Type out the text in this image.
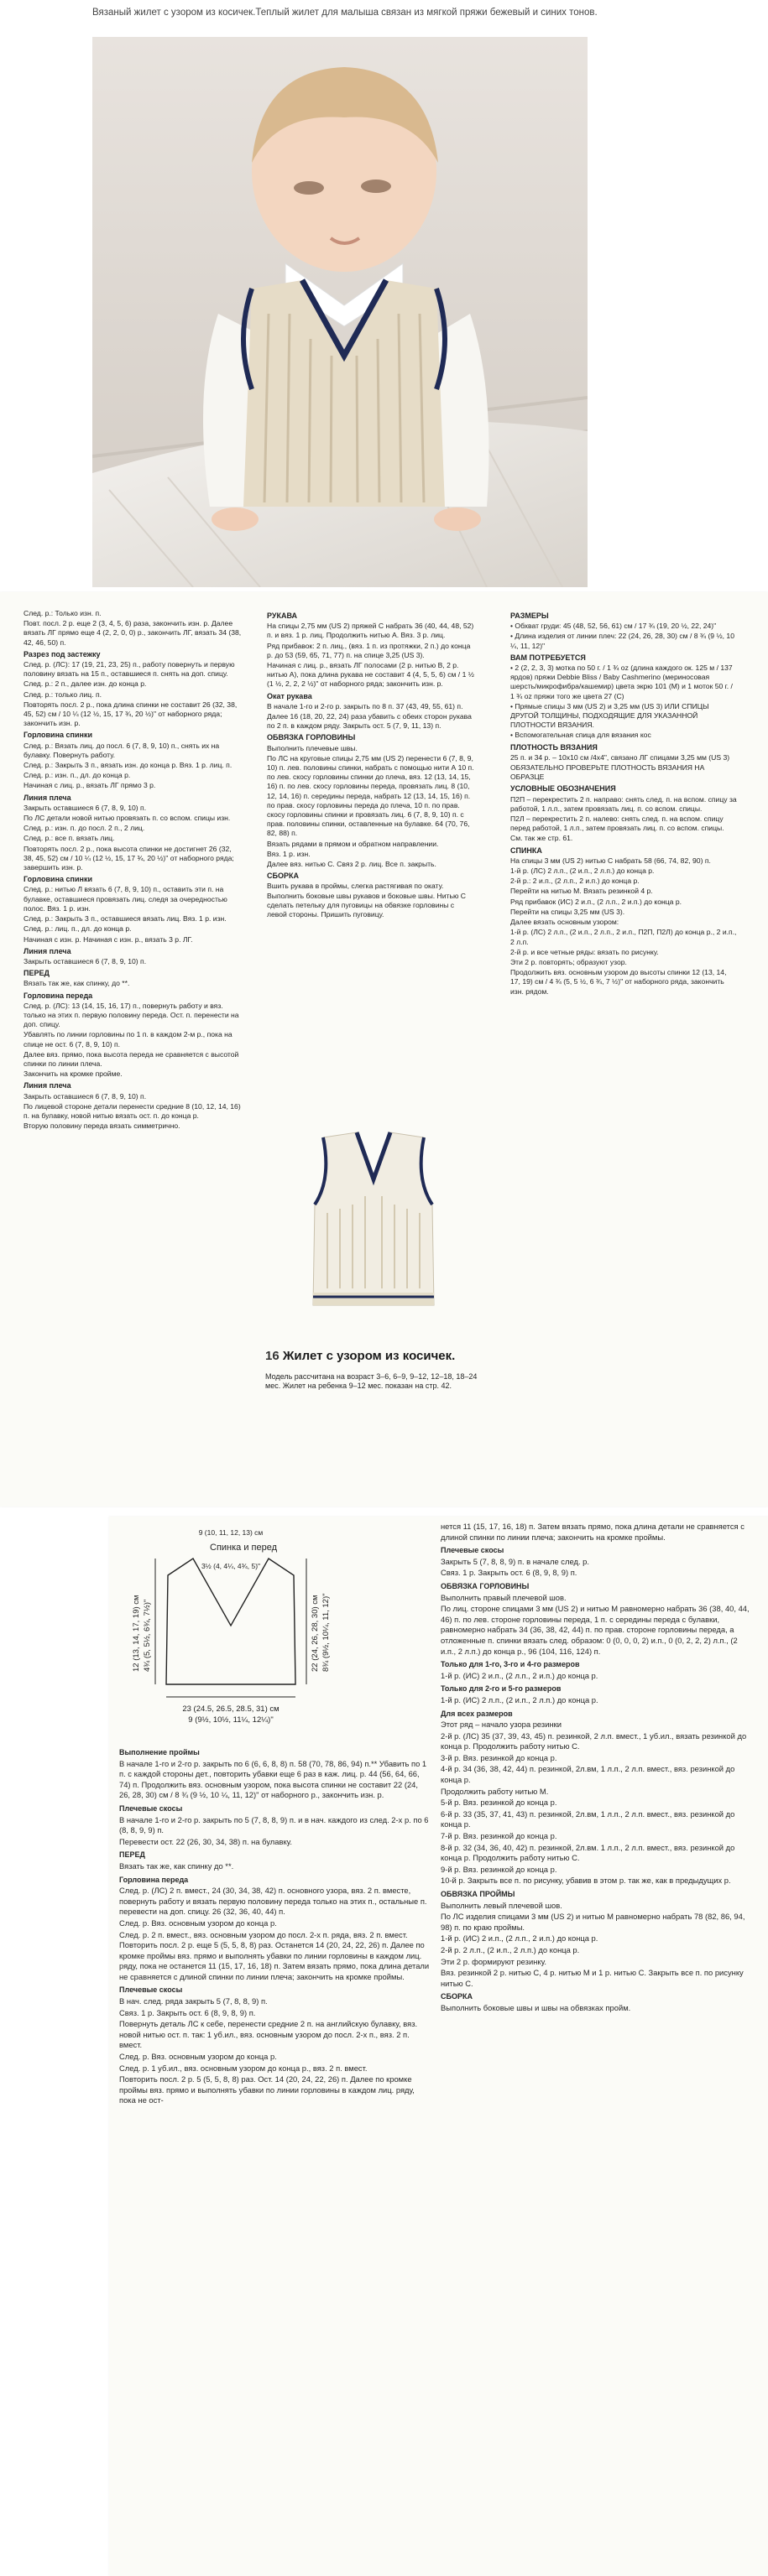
Вязаный жилет с узором из косичек.Теплый жилет для малыша связан из мягкой пряжи бежевый и синих тонов.

След. р.: Только изн. п.

Повт. посл. 2 р. еще 2 (3, 4, 5, 6) раза, закончить изн. р. Далее вязать ЛГ прямо еще 4 (2, 2, 0, 0) р., закончить ЛГ, вязать 34 (38, 42, 46, 50) п.

Разрез под застежку

След. р. (ЛС): 17 (19, 21, 23, 25) п., работу повернуть и первую половину вязать на 15 п., оставшиеся п. снять на доп. спицу.

След. р.: 2 п., далее изн. до конца р.

След. р.: только лиц. п.

Повторять посл. 2 р., пока длина спинки не составит 26 (32, 38, 45, 52) см / 10 ¼ (12 ½, 15, 17 ¾, 20 ½)" от наборного ряда; закончить изн. р.

Горловина спинки

След. р.: Вязать лиц. до посл. 6 (7, 8, 9, 10) п., снять их на булавку. Повернуть работу.

След. р.: Закрыть 3 п., вязать изн. до конца р. Вяз. 1 р. лиц. п.

След. р.: изн. п., дл. до конца р.

Начиная с лиц. р., вязать ЛГ прямо 3 р.

Линия плеча

Закрыть оставшиеся 6 (7, 8, 9, 10) п.

По ЛС детали новой нитью провязать п. со вспом. спицы изн.

След. р.: изн. п. до посл. 2 п., 2 лиц.

След. р.: все п. вязать лиц.

Повторять посл. 2 р., пока высота спинки не достигнет 26 (32, 38, 45, 52) см / 10 ¼ (12 ½, 15, 17 ¾, 20 ½)" от наборного ряда; завершить изн. р.

Горловина спинки

След. р.: нитью Л вязать 6 (7, 8, 9, 10) п., оставить эти п. на булавке, оставшиеся провязать лиц. следя за очередностью полос. Вяз. 1 р. изн.

След. р.: Закрыть 3 п., оставшиеся вязать лиц. Вяз. 1 р. изн.

След. р.: лиц. п., дл. до конца р.

Начиная с изн. р. Начиная с изн. р., вязать 3 р. ЛГ.

Линия плеча

Закрыть оставшиеся 6 (7, 8, 9, 10) п.

ПЕРЕД

Вязать так же, как спинку, до **.

Горловина переда

След. р. (ЛС): 13 (14, 15, 16, 17) п., повернуть работу и вяз. только на этих п. первую половину переда. Ост. п. перенести на доп. спицу.

Убавлять по линии горловины по 1 п. в каждом 2-м р., пока на спице не ост. 6 (7, 8, 9, 10) п.

Далее вяз. прямо, пока высота переда не сравняется с высотой спинки по линии плеча.

Закончить на кромке пройме.

Линия плеча

Закрыть оставшиеся 6 (7, 8, 9, 10) п.

По лицевой стороне детали перенести средние 8 (10, 12, 14, 16) п. на булавку, новой нитью вязать ост. п. до конца р.

Вторую половину переда вязать симметрично.

РУКАВА

На спицы 2,75 мм (US 2) пряжей С набрать 36 (40, 44, 48, 52) п. и вяз. 1 р. лиц. Продолжить нитью А. Вяз. 3 р. лиц.

Ряд прибавок: 2 п. лиц., (вяз. 1 п. из протяжки, 2 п.) до конца р. до 53 (59, 65, 71, 77) п. на спице 3,25 (US 3).

Начиная с лиц. р., вязать ЛГ полосами (2 р. нитью В, 2 р. нитью А), пока длина рукава не составит 4 (4, 5, 5, 6) см / 1 ½ (1 ½, 2, 2, 2 ½)" от наборного ряда; закончить изн. р.

Окат рукава

В начале 1-го и 2-го р. закрыть по 8 п. 37 (43, 49, 55, 61) п.

Далее 16 (18, 20, 22, 24) раза убавить с обеих сторон рукава по 2 п. в каждом ряду. Закрыть ост. 5 (7, 9, 11, 13) п.

ОБВЯЗКА ГОРЛОВИНЫ

Выполнить плечевые швы.

По ЛС на круговые спицы 2,75 мм (US 2) перенести 6 (7, 8, 9, 10) п. лев. половины спинки, набрать с помощью нити А 10 п. по лев. скосу горловины спинки до плеча, вяз. 12 (13, 14, 15, 16) п. по лев. скосу горловины переда, провязать лиц. 8 (10, 12, 14, 16) п. середины переда, набрать 12 (13, 14, 15, 16) п. по прав. скосу горловины переда до плеча, 10 п. по прав. скосу горловины спинки и провязать лиц. 6 (7, 8, 9, 10) п. с прав. половины спинки, оставленные на булавке. 64 (70, 76, 82, 88) п.

Вязать рядами в прямом и обратном направлении.

Вяз. 1 р. изн.

Далее вяз. нитью С. Связ 2 р. лиц. Все п. закрыть.

СБОРКА

Вшить рукава в проймы, слегка растягивая по окату. Выполнить боковые швы рукавов и боковые швы. Нитью С сделать петельку для пуговицы на обвязке горловины с левой стороны. Пришить пуговицу.

РАЗМЕРЫ

• Обхват груди: 45 (48, 52, 56, 61) см / 17 ¾ (19, 20 ½, 22, 24)"

• Длина изделия от линии плеч: 22 (24, 26, 28, 30) см / 8 ¾ (9 ½, 10 ¼, 11, 12)"

ВАМ ПОТРЕБУЕТСЯ

• 2 (2, 2, 3, 3) мотка по 50 г. / 1 ¾ oz (длина каждого ок. 125 м / 137 ярдов) пряжи Debbie Bliss / Baby Cashmerino (мериносовая шерсть/микрофибра/кашемир) цвета экрю 101 (М) и 1 моток 50 г. / 1 ¾ oz пряжи того же цвета 27 (С)

• Прямые спицы 3 мм (US 2) и 3,25 мм (US 3) ИЛИ СПИЦЫ ДРУГОЙ ТОЛЩИНЫ, ПОДХОДЯЩИЕ ДЛЯ УКАЗАННОЙ ПЛОТНОСТИ ВЯЗАНИЯ.

• Вспомогательная спица для вязания кос

ПЛОТНОСТЬ ВЯЗАНИЯ

25 п. и 34 р. – 10х10 см /4х4", связано ЛГ спицами 3,25 мм (US 3)

ОБЯЗАТЕЛЬНО ПРОВЕРЬТЕ ПЛОТНОСТЬ ВЯЗАНИЯ НА ОБРАЗЦЕ

УСЛОВНЫЕ ОБОЗНАЧЕНИЯ

П2П – перекрестить 2 п. направо: снять след. п. на вспом. спицу за работой, 1 л.п., затем провязать лиц. п. со вспом. спицы.

П2Л – перекрестить 2 п. налево: снять след. п. на вспом. спицу перед работой, 1 л.п., затем провязать лиц. п. со вспом. спицы.

См. так же стр. 61.

СПИНКА

На спицы 3 мм (US 2) нитью С набрать 58 (66, 74, 82, 90) п.

1-й р. (ЛС) 2 л.п., (2 и.п., 2 л.п.) до конца р.

2-й р.: 2 и.п., (2 л.п., 2 и.п.) до конца р.

Перейти на нитью М. Вязать резинкой 4 р.

Ряд прибавок (ИС) 2 и.п., (2 л.п., 2 и.п.) до конца р.

Перейти на спицы 3,25 мм (US 3).

Далее вязать основным узором:

1-й р. (ЛС) 2 л.п., (2 и.п., 2 л.п., 2 и.п., П2П, П2Л) до конца р., 2 и.п., 2 л.п.

2-й р. и все четные ряды: вязать по рисунку.

Эти 2 р. повторять; образуют узор.

Продолжить вяз. основным узором до высоты спинки 12 (13, 14, 17, 19) см / 4 ¾ (5, 5 ½, 6 ¾, 7 ½)" от наборного ряда, закончить изн. рядом.

16 Жилет с узором из косичек.
Модель рассчитана на возраст 3–6, 6–9, 9–12, 12–18, 18–24 мес. Жилет на ребенка 9–12 мес. показан на стр. 42.
Спинка и перед
23 (24.5, 26.5, 28.5, 31) см
9 (9½, 10½, 11¼, 12¼)"
12 (13, 14, 17, 19) см 4¾ (5, 5½, 6¾, 7½)"	22 (24, 26, 28, 30) см 8¾ (9½, 10¼, 11, 12)"
9 (10, 11, 12, 13) см
3½ (4, 4¼, 4¾, 5)"

Выполнение проймы

В начале 1-го и 2-го р. закрыть по 6 (6, 6, 8, 8) п. 58 (70, 78, 86, 94) п.** Убавить по 1 п. с каждой стороны дет., повторить убавки еще 6 раз в каж. лиц. р. 44 (56, 64, 66, 74) п. Продолжить вяз. основным узором, пока высота спинки не составит 22 (24, 26, 28, 30) см / 8 ¾ (9 ½, 10 ¼, 11, 12)" от наборного р., закончить изн. р.

Плечевые скосы

В начале 1-го и 2-го р. закрыть по 5 (7, 8, 8, 9) п. и в нач. каждого из след. 2-х р. по 6 (8, 8, 9, 9) п.

Перевести ост. 22 (26, 30, 34, 38) п. на булавку.

ПЕРЕД

Вязать так же, как спинку до **.

Горловина переда

След. р. (ЛС) 2 п. вмест., 24 (30, 34, 38, 42) п. основного узора, вяз. 2 п. вместе, повернуть работу и вязать первую половину переда только на этих п., остальные п. перевести на доп. спицу. 26 (32, 36, 40, 44) п.

След. р. Вяз. основным узором до конца р.

След. р. 2 п. вмест., вяз. основным узором до посл. 2-х п. ряда, вяз. 2 п. вмест. Повторить посл. 2 р. еще 5 (5, 5, 8, 8) раз. Останется 14 (20, 24, 22, 26) п. Далее по кромке проймы вяз. прямо и выполнять убавки по линии горловины в каждом лиц. ряду, пока не останется 11 (15, 17, 16, 18) п. Затем вязать прямо, пока длина детали не сравняется с длиной спинки по линии плеча; закончить на кромке проймы.

Плечевые скосы

В нач. след. ряда закрыть 5 (7, 8, 8, 9) п.

Связ. 1 р. Закрыть ост. 6 (8, 9, 8, 9) п.

Повернуть деталь ЛС к себе, перенести средние 2 п. на английскую булавку, вяз. новой нитью ост. п. так: 1 уб.ил., вяз. основным узором до посл. 2-х п., вяз. 2 п. вмест.

След. р. Вяз. основным узором до конца р.

След. р. 1 уб.ил., вяз. основным узором до конца р., вяз. 2 п. вмест.

Повторить посл. 2 р. 5 (5, 5, 8, 8) раз. Ост. 14 (20, 24, 22, 26) п. Далее по кромке проймы вяз. прямо и выполнять убавки по линии горловины в каждом лиц. ряду, пока не ост-

нется 11 (15, 17, 16, 18) п. Затем вязать прямо, пока длина детали не сравняется с длиной спинки по линии плеча; закончить на кромке проймы.

Плечевые скосы

Закрыть 5 (7, 8, 8, 9) п. в начале след. р.

Связ. 1 р. Закрыть ост. 6 (8, 9, 8, 9) п.

ОБВЯЗКА ГОРЛОВИНЫ

Выполнить правый плечевой шов.

По лиц. стороне спицами 3 мм (US 2) и нитью М равномерно набрать 36 (38, 40, 44, 46) п. по лев. стороне горловины переда, 1 п. с середины переда с булавки, равномерно набрать 34 (36, 38, 42, 44) п. по прав. стороне горловины переда, а отложенные п. спинки вязать след. образом: 0 (0, 0, 0, 2) и.п., 0 (0, 2, 2, 2) л.п., (2 и.п., 2 л.п.) до конца р., 96 (104, 116, 124) п.

Только для 1-го, 3-го и 4-го размеров

1-й р. (ИС) 2 и.п., (2 л.п., 2 и.п.) до конца р.

Только для 2-го и 5-го размеров

1-й р. (ИС) 2 л.п., (2 и.п., 2 л.п.) до конца р.

Для всех размеров

Этот ряд – начало узора резинки

2-й р. (ЛС) 35 (37, 39, 43, 45) п. резинкой, 2 л.п. вмест., 1 уб.ил., вязать резинкой до конца р. Продолжить работу нитью С.

3-й р. Вяз. резинкой до конца р.

4-й р. 34 (36, 38, 42, 44) п. резинкой, 2л.вм, 1 л.п., 2 л.п. вмест., вяз. резинкой до конца р.

Продолжить работу нитью М.

5-й р. Вяз. резинкой до конца р.

6-й р. 33 (35, 37, 41, 43) п. резинкой, 2л.вм, 1 л.п., 2 л.п. вмест., вяз. резинкой до конца р.

7-й р. Вяз. резинкой до конца р.

8-й р. 32 (34, 36, 40, 42) п. резинкой, 2л.вм. 1 л.п., 2 л.п. вмест., вяз. резинкой до конца р. Продолжить работу нитью С.

9-й р. Вяз. резинкой до конца р.

10-й р. Закрыть все п. по рисунку, убавив в этом р. так же, как в предыдущих р.

ОБВЯЗКА ПРОЙМЫ

Выполнить левый плечевой шов.

По ЛС изделия спицами 3 мм (US 2) и нитью М равномерно набрать 78 (82, 86, 94, 98) п. по краю проймы.

1-й р. (ИС) 2 и.п., (2 л.п., 2 и.п.) до конца р.

2-й р. 2 л.п., (2 и.п., 2 л.п.) до конца р.

Эти 2 р. формируют резинку.

Вяз. резинкой 2 р. нитью С, 4 р. нитью М и 1 р. нитью С. Закрыть все п. по рисунку нитью С.

СБОРКА

Выполнить боковые швы и швы на обвязках пройм.
